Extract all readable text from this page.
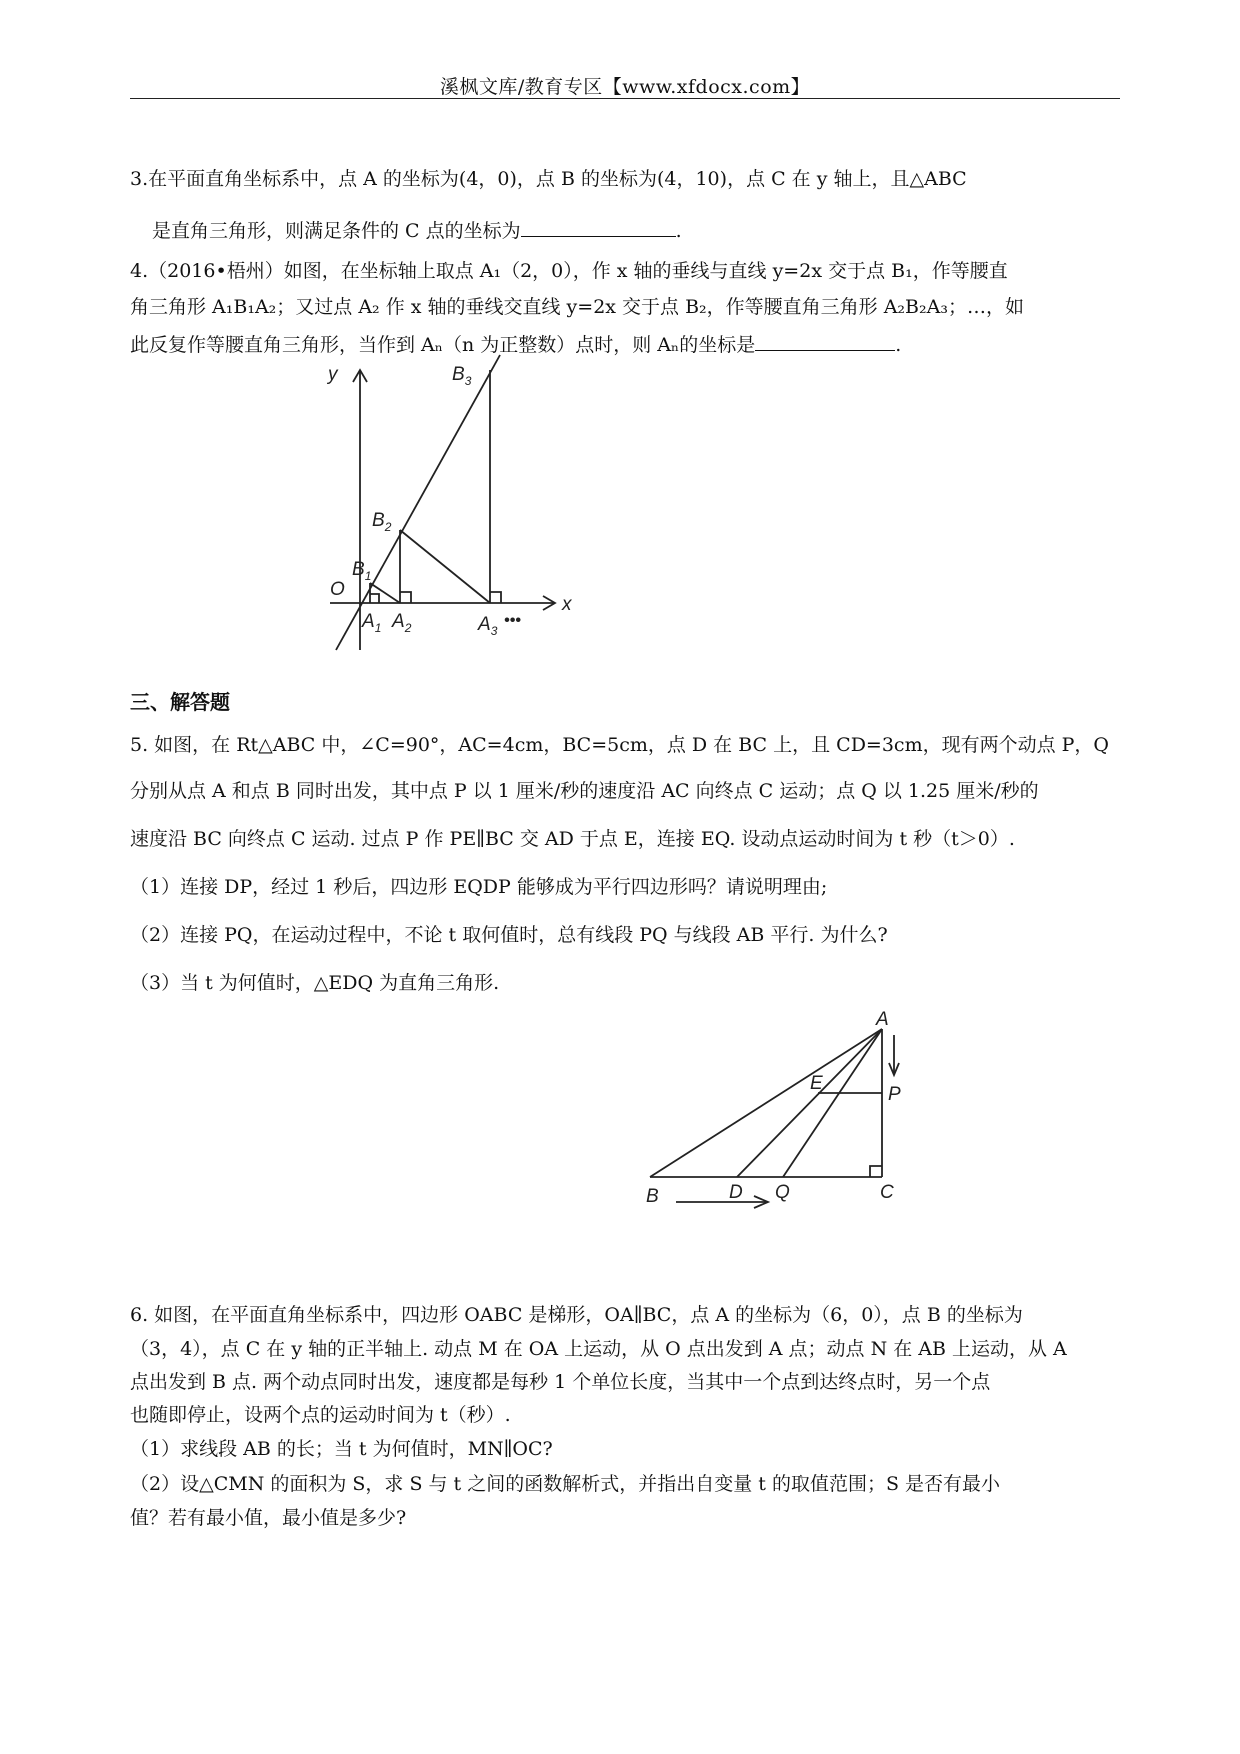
溪枫文库/教育专区【www.xfdocx.com】
3.在平面直角坐标系中，点 A 的坐标为(4，0)，点 B 的坐标为(4，10)，点 C 在 y 轴上，且△ABC
是直角三角形，则满足条件的 C 点的坐标为	.
4.（2016•梧州）如图，在坐标轴上取点 A₁（2，0），作 x 轴的垂线与直线 y=2x 交于点 B₁，作等腰直
角三角形 A₁B₁A₂；又过点 A₂ 作 x 轴的垂线交直线 y=2x 交于点 B₂，作等腰直角三角形 A₂B₂A₃；…，如
此反复作等腰直角三角形，当作到 Aₙ（n 为正整数）点时，则 Aₙ的坐标是	.
y
x
O
$B_3$
$B_2$
$B_1$
$A_1$ $A_2$	$A_3$
•••
三、解答题
5. 如图，在 Rt△ABC 中，∠C=90°，AC=4cm，BC=5cm，点 D 在 BC 上，且 CD=3cm，现有两个动点 P，Q
分别从点 A 和点 B 同时出发，其中点 P 以 1 厘米/秒的速度沿 AC 向终点 C 运动；点 Q 以 1.25 厘米/秒的
速度沿 BC 向终点 C 运动. 过点 P 作 PE∥BC 交 AD 于点 E，连接 EQ. 设动点运动时间为 t 秒（t＞0）.
（1）连接 DP，经过 1 秒后，四边形 EQDP 能够成为平行四边形吗？请说明理由;
（2）连接 PQ，在运动过程中，不论 t 取何值时，总有线段 PQ 与线段 AB 平行. 为什么?
（3）当 t 为何值时，△EDQ 为直角三角形.
A
E
P
B	D Q	C
6. 如图，在平面直角坐标系中，四边形 OABC 是梯形，OA∥BC，点 A 的坐标为（6，0），点 B 的坐标为
（3，4），点 C 在 y 轴的正半轴上. 动点 M 在 OA 上运动，从 O 点出发到 A 点；动点 N 在 AB 上运动，从 A
点出发到 B 点. 两个动点同时出发，速度都是每秒 1 个单位长度，当其中一个点到达终点时，另一个点
也随即停止，设两个点的运动时间为 t（秒）.
（1）求线段 AB 的长；当 t 为何值时，MN∥OC?
（2）设△CMN 的面积为 S，求 S 与 t 之间的函数解析式，并指出自变量 t 的取值范围；S 是否有最小
值？若有最小值，最小值是多少?
